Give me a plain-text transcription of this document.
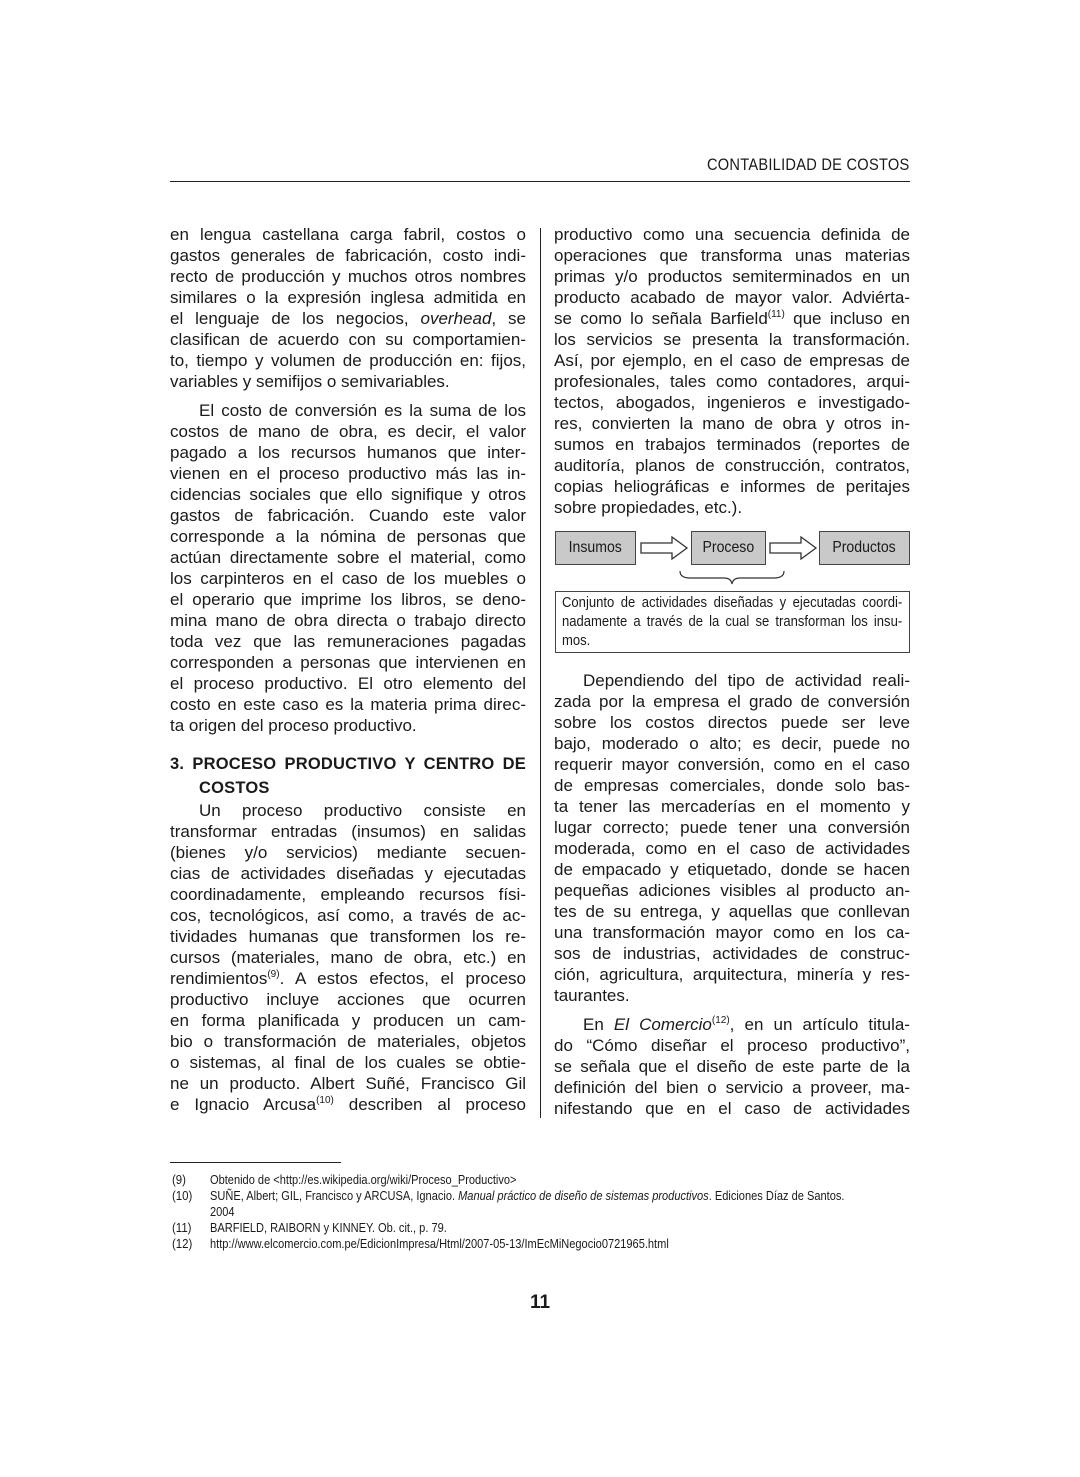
CONTABILIDAD DE COSTOS
en lengua castellana carga fabril, costos o
gastos generales de fabricación, costo indi-
recto de producción y muchos otros nombres
similares o la expresión inglesa admitida en
el lenguaje de los negocios, overhead, se
clasifican de acuerdo con su comportamien-
to, tiempo y volumen de producción en: fijos,
variables y semifijos o semivariables.
El costo de conversión es la suma de los
costos de mano de obra, es decir, el valor
pagado a los recursos humanos que inter-
vienen en el proceso productivo más las in-
cidencias sociales que ello signifique y otros
gastos de fabricación. Cuando este valor
corresponde a la nómina de personas que
actúan directamente sobre el material, como
los carpinteros en el caso de los muebles o
el operario que imprime los libros, se deno-
mina mano de obra directa o trabajo directo
toda vez que las remuneraciones pagadas
corresponden a personas que intervienen en
el proceso productivo. El otro elemento del
costo en este caso es la materia prima direc-
ta origen del proceso productivo.
3. PROCESO PRODUCTIVO Y CENTRO DE
COSTOS
Un proceso productivo consiste en
transformar entradas (insumos) en salidas
(bienes y/o servicios) mediante secuen-
cias de actividades diseñadas y ejecutadas
coordinadamente, empleando recursos físi-
cos, tecnológicos, así como, a través de ac-
tividades humanas que transformen los re-
cursos (materiales, mano de obra, etc.) en
rendimientos$^{(9)}$. A estos efectos, el proceso
productivo incluye acciones que ocurren
en forma planificada y producen un cam-
bio o transformación de materiales, objetos
o sistemas, al final de los cuales se obtie-
ne un producto. Albert Suñé, Francisco Gil
e Ignacio Arcusa$^{(10)}$ describen al proceso
productivo como una secuencia definida de
operaciones que transforma unas materias
primas y/o productos semiterminados en un
producto acabado de mayor valor. Adviérta-
se como lo señala Barfield$^{(11)}$ que incluso en
los servicios se presenta la transformación.
Así, por ejemplo, en el caso de empresas de
profesionales, tales como contadores, arqui-
tectos, abogados, ingenieros e investigado-
res, convierten la mano de obra y otros in-
sumos en trabajos terminados (reportes de
auditoría, planos de construcción, contratos,
copias heliográficas e informes de peritajes
sobre propiedades, etc.).
Insumos	Proceso	Productos
Conjunto de actividades diseñadas y ejecutadas coordi-
nadamente a través de la cual se transforman los insu-
mos.
Dependiendo del tipo de actividad reali-
zada por la empresa el grado de conversión
sobre los costos directos puede ser leve
bajo, moderado o alto; es decir, puede no
requerir mayor conversión, como en el caso
de empresas comerciales, donde solo bas-
ta tener las mercaderías en el momento y
lugar correcto; puede tener una conversión
moderada, como en el caso de actividades
de empacado y etiquetado, donde se hacen
pequeñas adiciones visibles al producto an-
tes de su entrega, y aquellas que conllevan
una transformación mayor como en los ca-
sos de industrias, actividades de construc-
ción, agricultura, arquitectura, minería y res-
taurantes.
En El Comercio$^{(12)}$, en un artículo titula-
do “Cómo diseñar el proceso productivo”,
se señala que el diseño de este parte de la
definición del bien o servicio a proveer, ma-
nifestando que en el caso de actividades
(9) Obtenido de <http://es.wikipedia.org/wiki/Proceso_Productivo>
(10) SUÑE, Albert; GIL, Francisco y ARCUSA, Ignacio. Manual práctico de diseño de sistemas productivos. Ediciones Díaz de Santos.
2004
(11) BARFIELD, RAIBORN y KINNEY. Ob. cit., p. 79.
(12) http://www.elcomercio.com.pe/EdicionImpresa/Html/2007-05-13/ImEcMiNegocio0721965.html
11
